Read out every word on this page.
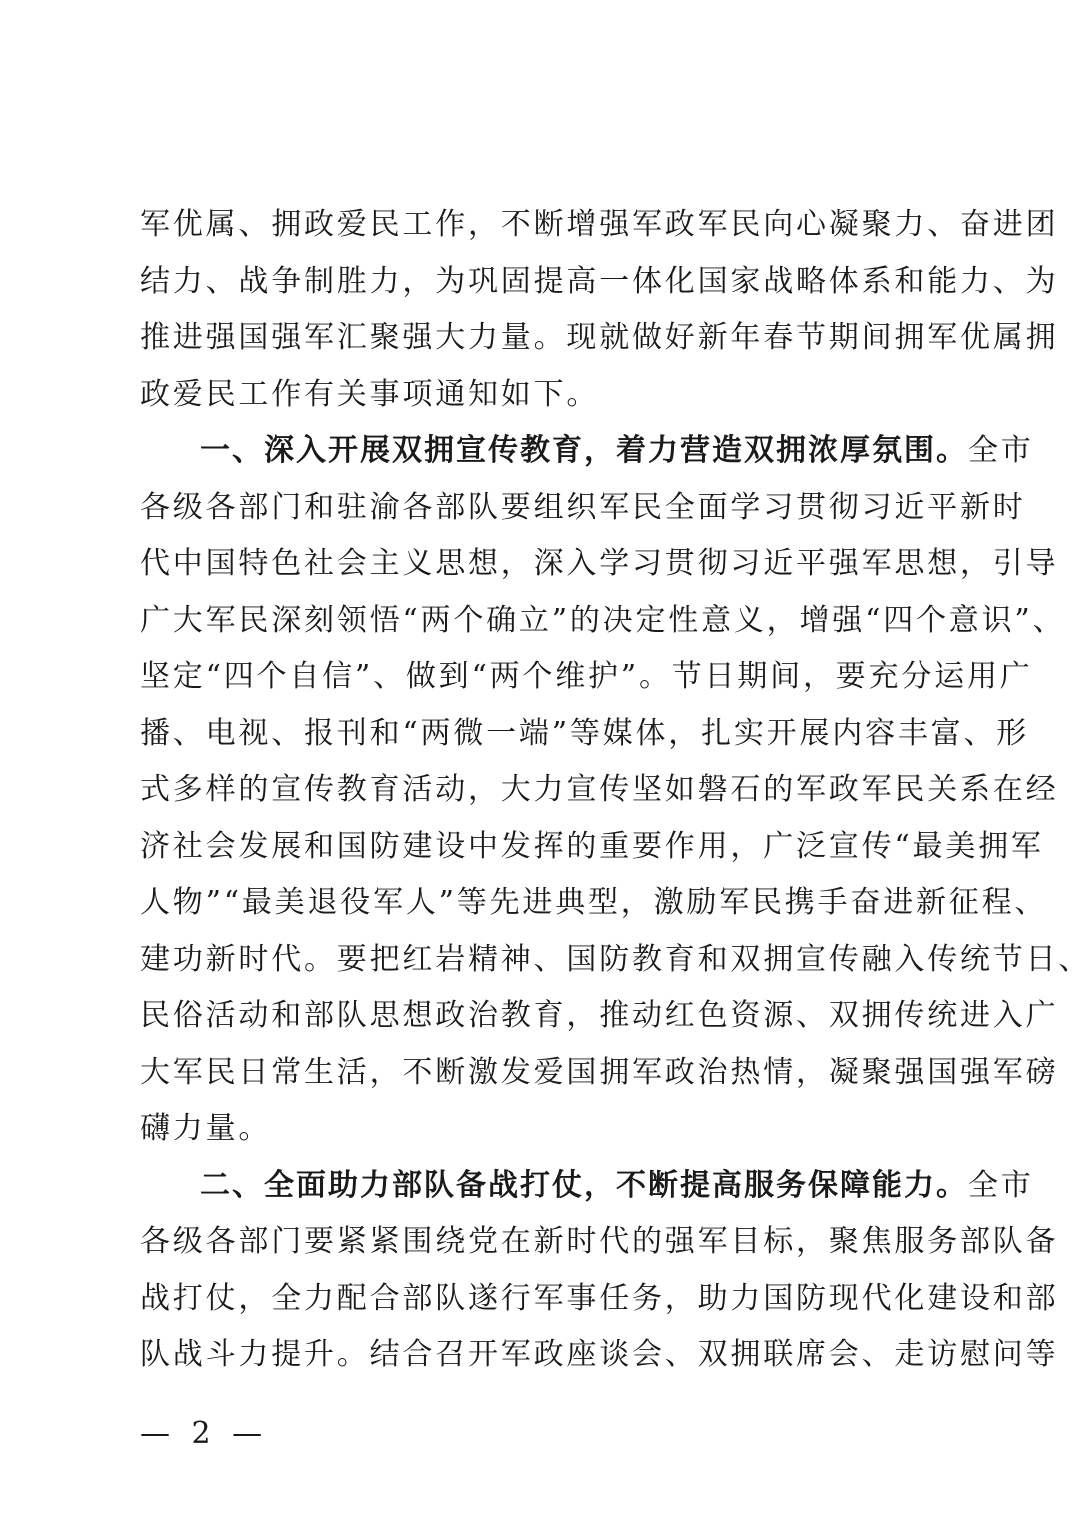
军优属、拥政爱民工作，不断增强军政军民向心凝聚力、奋进团
结力、战争制胜力，为巩固提高一体化国家战略体系和能力、为
推进强国强军汇聚强大力量。现就做好新年春节期间拥军优属拥
政爱民工作有关事项通知如下。
一、深入开展双拥宣传教育，着力营造双拥浓厚氛围。全市
各级各部门和驻渝各部队要组织军民全面学习贯彻习近平新时
代中国特色社会主义思想，深入学习贯彻习近平强军思想，引导
广大军民深刻领悟“两个确立”的决定性意义，增强“四个意识”、
坚定“四个自信”、做到“两个维护”。节日期间，要充分运用广
播、电视、报刊和“两微一端”等媒体，扎实开展内容丰富、形
式多样的宣传教育活动，大力宣传坚如磐石的军政军民关系在经
济社会发展和国防建设中发挥的重要作用，广泛宣传“最美拥军
人物”“最美退役军人”等先进典型，激励军民携手奋进新征程、
建功新时代。要把红岩精神、国防教育和双拥宣传融入传统节日、
民俗活动和部队思想政治教育，推动红色资源、双拥传统进入广
大军民日常生活，不断激发爱国拥军政治热情，凝聚强国强军磅
礴力量。
二、全面助力部队备战打仗，不断提高服务保障能力。全市
各级各部门要紧紧围绕党在新时代的强军目标，聚焦服务部队备
战打仗，全力配合部队遂行军事任务，助力国防现代化建设和部
队战斗力提升。结合召开军政座谈会、双拥联席会、走访慰问等
— 2 —
